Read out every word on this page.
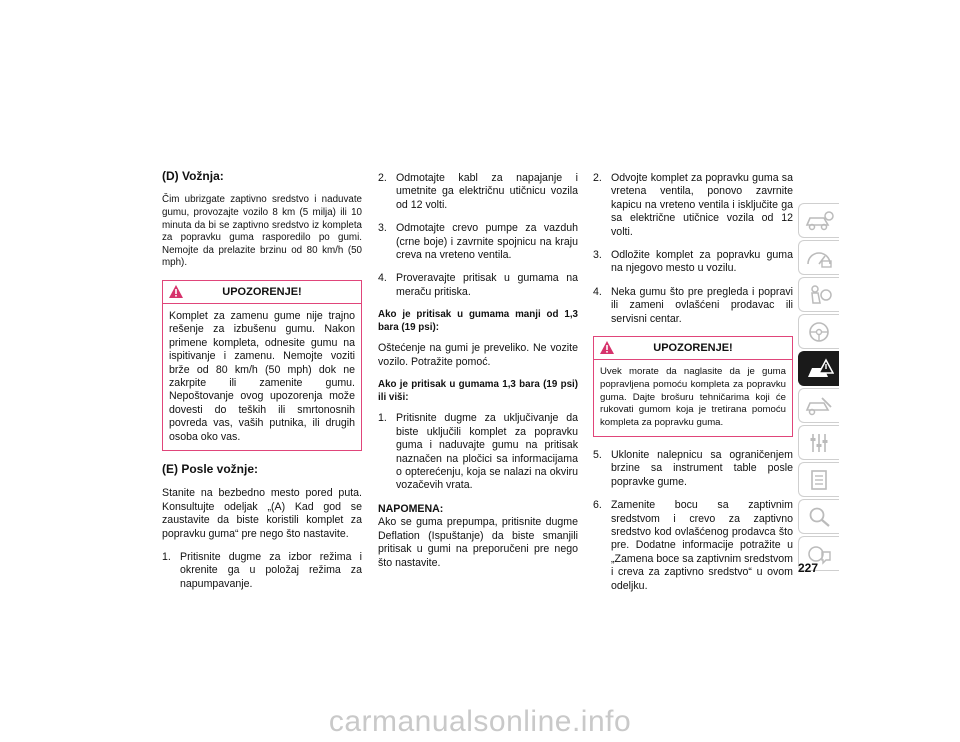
(D) Vožnja:

Čim ubrizgate zaptivno sredstvo i naduvate gumu, provozajte vozilo 8 km (5 milja) ili 10 minuta da bi se zaptivno sredstvo iz kompleta za popravku guma rasporedilo po gumi. Nemojte da prelazite brzinu od 80 km/h (50 mph).

UPOZORENJE!
Komplet za zamenu gume nije trajno rešenje za izbušenu gumu. Nakon primene kompleta, odnesite gumu na ispitivanje i zamenu. Nemojte voziti brže od 80 km/h (50 mph) dok ne zakrpite ili zamenite gumu. Nepoštovanje ovog upozorenja može dovesti do teških ili smrtonosnih povreda vas, vaših putnika, ili drugih osoba oko vas.
(E) Posle vožnje:

Stanite na bezbedno mesto pored puta. Konsultujte odeljak „(A) Kad god se zaustavite da biste koristili komplet za popravku guma“ pre nego što nastavite.

1. Pritisnite dugme za izbor režima i okrenite ga u položaj režima za napumpavanje.
2. Odmotajte kabl za napajanje i umetnite ga električnu utičnicu vozila od 12 volti.
3. Odmotajte crevo pumpe za vazduh (crne boje) i zavrnite spojnicu na kraju creva na vreteno ventila.
4. Proveravajte pritisak u gumama na meraču pritiska.

Ako je pritisak u gumama manji od 1,3 bara (19 psi):

Oštećenje na gumi je preveliko. Ne vozite vozilo. Potražite pomoć.

Ako je pritisak u gumama 1,3 bara (19 psi) ili viši:

1. Pritisnite dugme za uključivanje da biste uključili komplet za popravku guma i naduvajte gumu na pritisak naznačen na pločici sa informacijama o opterećenju, koja se nalazi na okviru vozačevih vrata.
NAPOMENA:

Ako se guma prepumpa, pritisnite dugme Deflation (Ispuštanje) da biste smanjili pritisak u gumi na preporučeni pre nego što nastavite.

2. Odvojte komplet za popravku guma sa vretena ventila, ponovo zavrnite kapicu na vreteno ventila i isključite ga sa električne utičnice vozila od 12 volti.
3. Odložite komplet za popravku guma na njegovo mesto u vozilu.
4. Neka gumu što pre pregleda i popravi ili zameni ovlašćeni prodavac ili servisni centar.
UPOZORENJE!
Uvek morate da naglasite da je guma popravljena pomoću kompleta za popravku guma. Dajte brošuru tehničarima koji će rukovati gumom koja je tretirana pomoću kompleta za popravku guma.
5. Uklonite nalepnicu sa ograničenjem brzine sa instrument table posle popravke gume.
6. Zamenite bocu sa zaptivnim sredstvom i crevo za zaptivno sredstvo kod ovlašćenog prodavca što pre. Dodatne informacije potražite u „Zamena boce sa zaptivnim sredstvom i creva za zaptivno sredstvo“ u ovom odeljku.
227
carmanualsonline.info
